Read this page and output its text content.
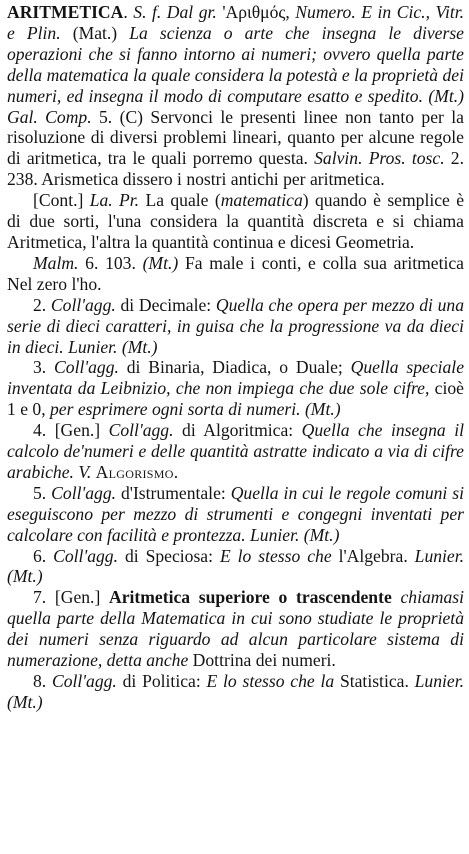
ARITMETICA. S. f. Dal gr. 'Αριθμός, Numero. E in Cic., Vitr. e Plin. (Mat.) La scienza o arte che insegna le diverse operazioni che si fanno intorno ai numeri; ovvero quella parte della matematica la quale considera la potestà e la proprietà dei numeri, ed insegna il modo di computare esatto e spedito. (Mt.) Gal. Comp. 5. (C) Servonci le presenti linee non tanto per la risoluzione di diversi problemi lineari, quanto per alcune regole di aritmetica, tra le quali porremo questa. Salvin. Pros. tosc. 2. 238. Arismetica dissero i nostri antichi per aritmetica.

[Cont.] La. Pr. La quale (matematica) quando è semplice è di due sorti, l'una considera la quantità discreta e si chiama Aritmetica, l'altra la quantità continua e dicesi Geometria.

Malm. 6. 103. (Mt.) Fa male i conti, e colla sua aritmetica Nel zero l'ho.

2. Coll'agg. di Decimale: Quella che opera per mezzo di una serie di dieci caratteri, in guisa che la progressione va da dieci in dieci. Lunier. (Mt.)

3. Coll'agg. di Binaria, Diadica, o Duale; Quella speciale inventata da Leibnizio, che non impiega che due sole cifre, cioè 1 e 0, per esprimere ogni sorta di numeri. (Mt.)

4. [Gen.] Coll'agg. di Algoritmica: Quella che insegna il calcolo de'numeri e delle quantità astratte indicato a via di cifre arabiche. V. Algorismo.

5. Coll'agg. d'Istrumentale: Quella in cui le regole comuni si eseguiscono per mezzo di strumenti e congegni inventati per calcolare con facilità e prontezza. Lunier. (Mt.)

6. Coll'agg. di Speciosa: E lo stesso che l'Algebra. Lunier. (Mt.)

7. [Gen.] Aritmetica superiore o trascendente chiamasi quella parte della Matematica in cui sono studiate le proprietà dei numeri senza riguardo ad alcun particolare sistema di numerazione, detta anche Dottrina dei numeri.

8. Coll'agg. di Politica: E lo stesso che la Statistica. Lunier. (Mt.)
